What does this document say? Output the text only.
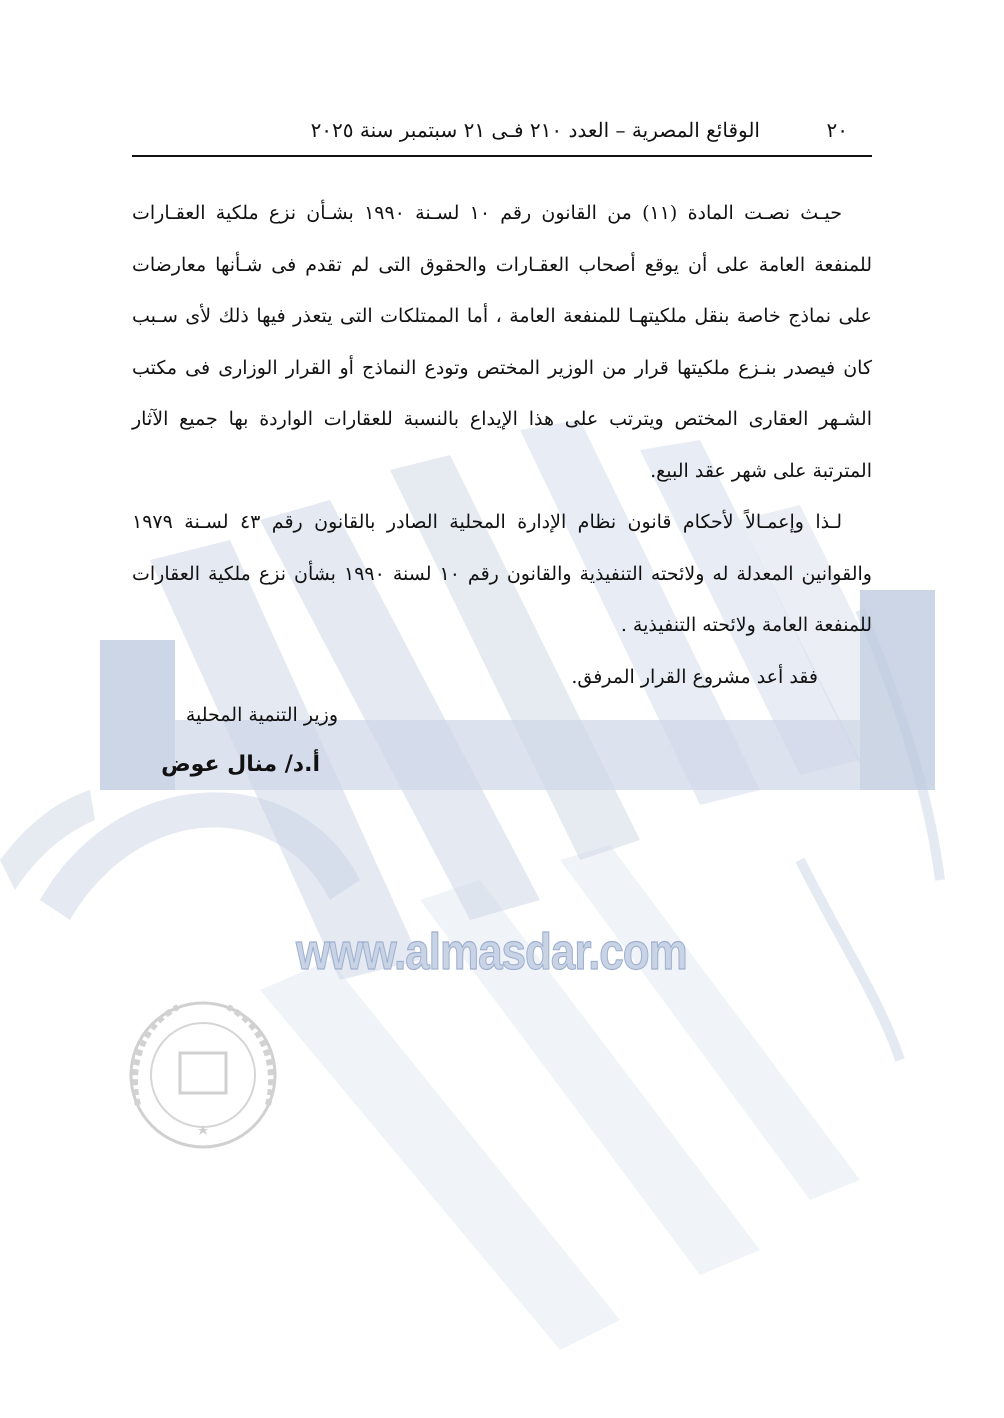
www.almasdar.com
٢٠
الوقائع المصرية – العدد ٢١٠ فـى ٢١ سبتمبر سنة ٢٠٢٥

حيـث نصـت المادة (١١) من القانون رقم ١٠ لسـنة ١٩٩٠ بشـأن نزع ملكية العقـارات للمنفعة العامة على أن يوقع أصحاب العقـارات والحقوق التى لم تقدم فى شـأنها معارضات على نماذج خاصة بنقل ملكيتهـا للمنفعة العامة ، أما الممتلكات التى يتعذر فيها ذلك لأى سـبب كان فيصدر بنـزع ملكيتها قرار من الوزير المختص وتودع النماذج أو القرار الوزارى فى مكتب الشـهر العقارى المختص ويترتب على هذا الإيداع بالنسبة للعقارات الواردة بها جميع الآثار المترتبة على شهر عقد البيع.

لـذا وإعمـالاً لأحكام قانون نظام الإدارة المحلية الصادر بالقانون رقم ٤٣ لسـنة ١٩٧٩ والقوانين المعدلة له ولائحته التنفيذية والقانون رقم ١٠ لسنة ١٩٩٠ بشأن نزع ملكية العقارات للمنفعة العامة ولائحته التنفيذية .

فقد أعد مشروع القرار المرفق.

وزير التنمية المحلية
أ.د/ منال عوض
